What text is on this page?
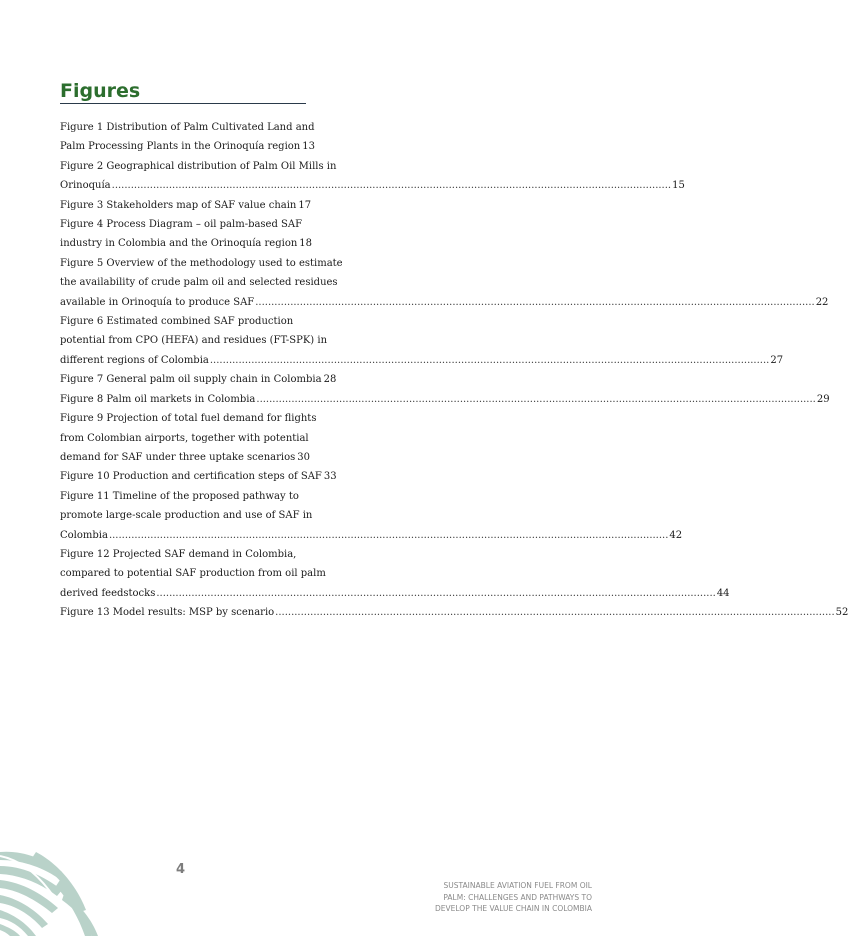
Figures
Figure 1 Distribution of Palm Cultivated Land and
Palm Processing Plants in the Orinoquía region 13
Figure 2 Geographical distribution of Palm Oil Mills in
Orinoquía .....	15
Figure 3 Stakeholders map of SAF value chain 17
Figure 4 Process Diagram – oil palm-based SAF
industry in Colombia and the Orinoquía region 18
Figure 5 Overview of the methodology used to estimate
the availability of crude palm oil and selected residues
available in Orinoquía to produce SAF .....	22
Figure 6 Estimated combined SAF production
potential from CPO (HEFA) and residues (FT-SPK) in
different regions of Colombia .....	27
Figure 7 General palm oil supply chain in Colombia 28
Figure 8 Palm oil markets in Colombia .....	29
Figure 9 Projection of total fuel demand for flights
from Colombian airports, together with potential
demand for SAF under three uptake scenarios 30
Figure 10 Production and certification steps of SAF 33
Figure 11 Timeline of the proposed pathway to
promote large-scale production and use of SAF in
Colombia .....	42
Figure 12 Projected SAF demand in Colombia,
compared to potential SAF production from oil palm
derived feedstocks .....	44
Figure 13 Model results: MSP by scenario .....	52
4
SUSTAINABLE AVIATION FUEL FROM OIL
PALM: CHALLENGES AND PATHWAYS TO
DEVELOP THE VALUE CHAIN IN COLOMBIA
